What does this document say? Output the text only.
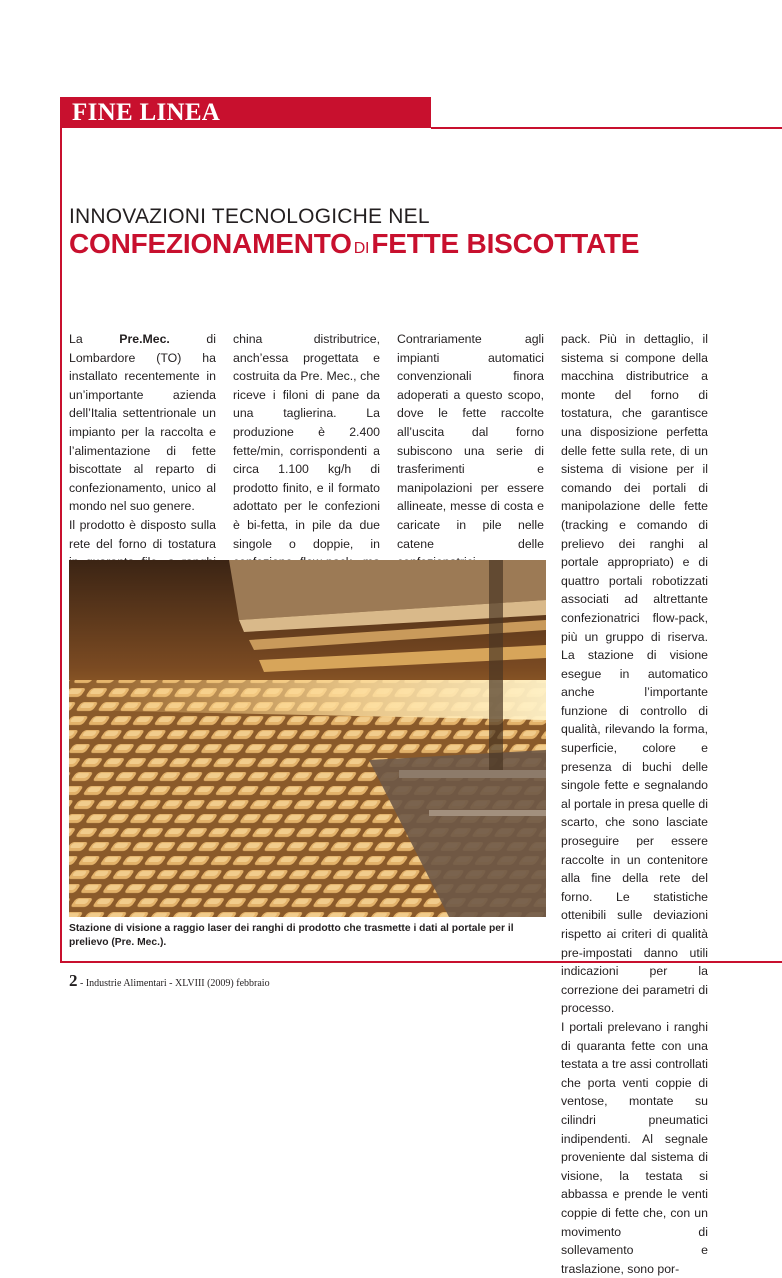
FINE LINEA
INNOVAZIONI TECNOLOGICHE NEL
CONFEZIONAMENTO DIFETTE BISCOTTATE

La Pre.Mec. di Lombardore (TO) ha installato recentemente in un’importante azienda dell’Italia settentrionale un impianto per la raccolta e l’alimentazione di fette biscottate al reparto di confezionamento, unico al mondo nel suo genere.

Il prodotto è disposto sulla rete del forno di tostatura

china distributrice, anch’essa progettata e costruita da Pre. Mec., che riceve i filoni di pane da una taglierina. La produzione è 2.400 fette/min, corrispondenti a circa 1.100 kg/h di prodotto finito, e il formato adottato per le confezioni è bi-fetta, in pile da due singole o doppie, in

Contrariamente agli impianti automatici convenzionali finora adoperati a questo scopo, dove le fette raccolte all’uscita dal forno subiscono una serie di trasferimenti e manipolazioni per essere allineate, messe di costa e caricate in pile nelle catene delle

pack. Più in dettaglio, il sistema si compone della macchina distributrice a monte del forno di tostatura, che garantisce una disposizione perfetta delle fette sulla rete, di un sistema di visione per il comando dei portali di manipolazione delle fette (tracking e comando di prelievo dei ranghi al portale appropriato) e di quattro portali robotizzati associati ad altrettante confezionatrici flow-pack, più un gruppo di riserva. La stazione di visione esegue in automatico anche l’importante funzione di controllo di qualità, rilevando la forma, superficie, colore e presenza di buchi delle singole fette e segnalando al portale in presa quelle di scarto, che sono lasciate proseguire per essere raccolte in un contenitore alla fine della rete del forno. Le statistiche ottenibili sulle deviazioni rispetto ai criteri di qualità pre-impostati danno utili indicazioni per la correzione dei parametri di processo.

I portali prelevano i ranghi di quaranta fette con una testata a tre assi controllati che porta venti coppie di ventose, montate su cilindri pneumatici indipendenti. Al segnale proveniente dal sistema di visione, la testata si abbassa e prende le venti coppie di fette che, con un movimento di sollevamento e traslazione, sono por-

Stazione di visione a raggio laser dei ranghi di prodotto che trasmette i dati al portale per il prelievo (Pre. Mec.).
2 - Industrie Alimentari - XLVIII (2009) febbraio
